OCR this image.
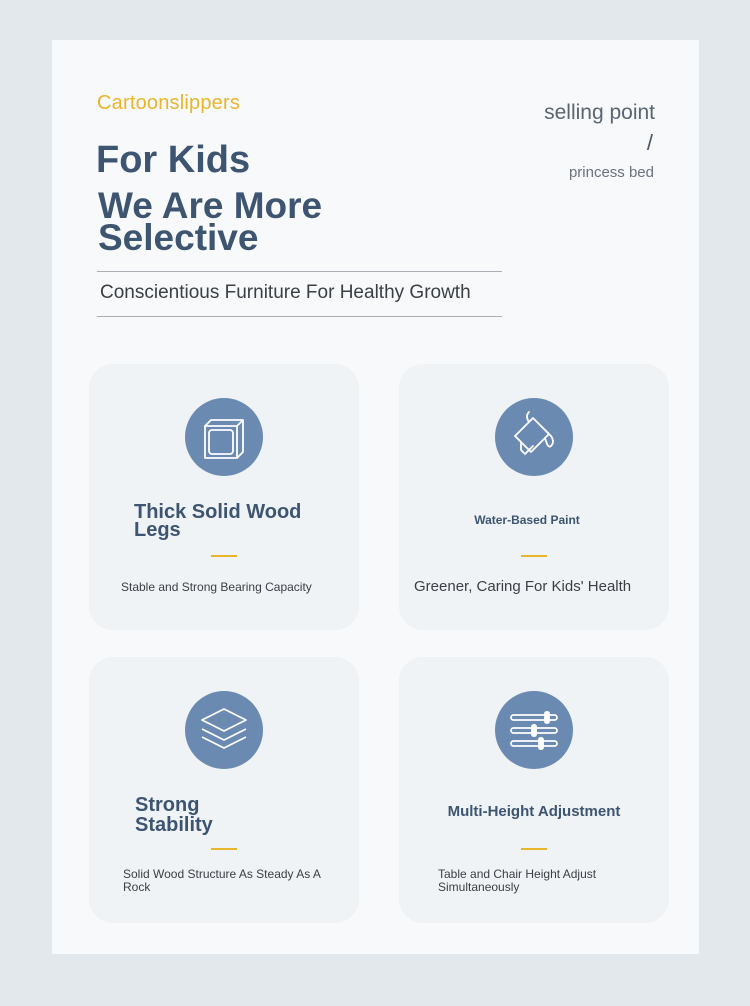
Cartoonslippers	selling point
/
princess bed
For Kids
We Are More Selective
Conscientious Furniture For Healthy Growth
Thick Solid Wood Legs
Stable and Strong Bearing Capacity
Water-Based Paint
Greener, Caring For Kids' Health
Strong Stability
Solid Wood Structure As Steady As A Rock
Multi-Height Adjustment
Table and Chair Height Adjust Simultaneously
